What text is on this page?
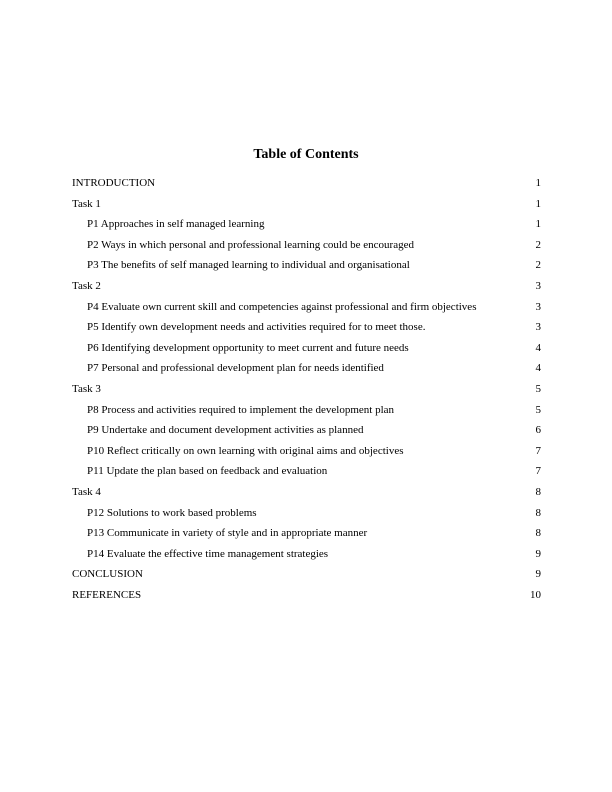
Table of Contents
INTRODUCTION	1
Task 1	1
P1 Approaches in self managed learning	1
P2 Ways in which personal and professional learning could be encouraged	2
P3 The benefits of self managed learning to individual and organisational	2
Task 2	3
P4 Evaluate own current skill and competencies against professional and firm objectives	3
P5 Identify own development needs and activities required for to meet those.	3
P6 Identifying development opportunity to meet current and future needs	4
P7 Personal and professional development plan for needs identified	4
Task 3	5
P8 Process and activities required to implement the development plan	5
P9 Undertake and document development activities as planned	6
P10 Reflect critically on own learning with original aims and objectives	7
P11 Update the plan based on feedback and evaluation	7
Task 4	8
P12 Solutions to work based problems	8
P13 Communicate in variety of style and in appropriate manner	8
P14 Evaluate the effective time management strategies	9
CONCLUSION	9
REFERENCES	10
